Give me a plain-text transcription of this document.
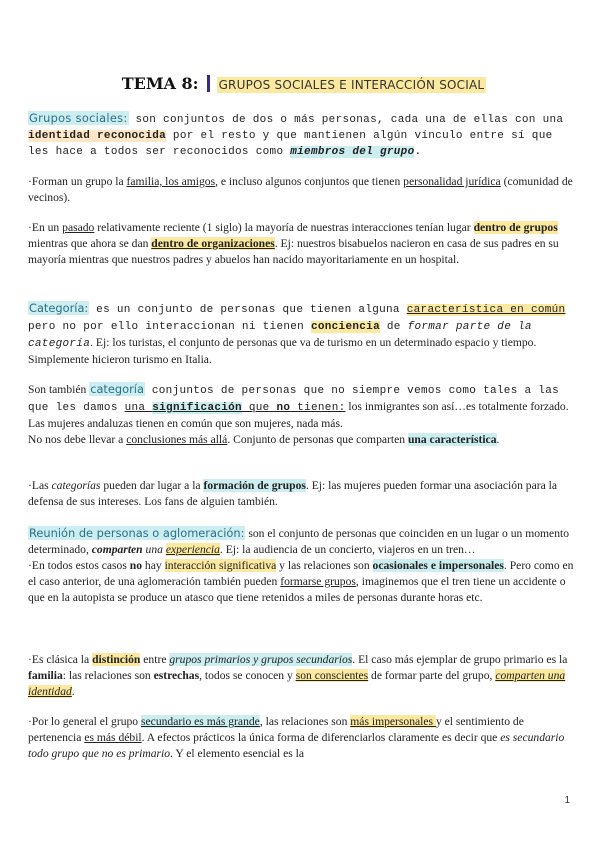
TEMA 8: GRUPOS SOCIALES E INTERACCIÓN SOCIAL
Grupos sociales: son conjuntos de dos o más personas, cada una de ellas con una identidad reconocida por el resto y que mantienen algún vínculo entre sí que les hace a todos ser reconocidos como miembros del grupo.
·Forman un grupo la familia, los amigos, e incluso algunos conjuntos que tienen personalidad jurídica (comunidad de vecinos).
·En un pasado relativamente reciente (1 siglo) la mayoría de nuestras interacciones tenían lugar dentro de grupos mientras que ahora se dan dentro de organizaciones. Ej: nuestros bisabuelos nacieron en casa de sus padres en su mayoría mientras que nuestros padres y abuelos han nacido mayoritariamente en un hospital.
Categoría: es un conjunto de personas que tienen alguna característica en común pero no por ello interaccionan ni tienen conciencia de formar parte de la categoría. Ej: los turistas, el conjunto de personas que va de turismo en un determinado espacio y tiempo. Simplemente hicieron turismo en Italia.
Son también categoría conjuntos de personas que no siempre vemos como tales a las que les damos una significación que no tienen: los inmigrantes son así…es totalmente forzado. Las mujeres andaluzas tienen en común que son mujeres, nada más.
No nos debe llevar a conclusiones más allá. Conjunto de personas que comparten una característica.
·Las categorías pueden dar lugar a la formación de grupos. Ej: las mujeres pueden formar una asociación para la defensa de sus intereses. Los fans de alguien también.
Reunión de personas o aglomeración: son el conjunto de personas que coinciden en un lugar o un momento determinado, comparten una experiencia. Ej: la audiencia de un concierto, viajeros en un tren…
·En todos estos casos no hay interacción significativa y las relaciones son ocasionales e impersonales. Pero como en el caso anterior, de una aglomeración también pueden formarse grupos, imaginemos que el tren tiene un accidente o que en la autopista se produce un atasco que tiene retenidos a miles de personas durante horas etc.
·Es clásica la distinción entre grupos primarios y grupos secundarios. El caso más ejemplar de grupo primario es la familia: las relaciones son estrechas, todos se conocen y son conscientes de formar parte del grupo, comparten una identidad.
·Por lo general el grupo secundario es más grande, las relaciones son más impersonales y el sentimiento de pertenencia es más débil. A efectos prácticos la única forma de diferenciarlos claramente es decir que es secundario todo grupo que no es primario. Y el elemento esencial es la
1
